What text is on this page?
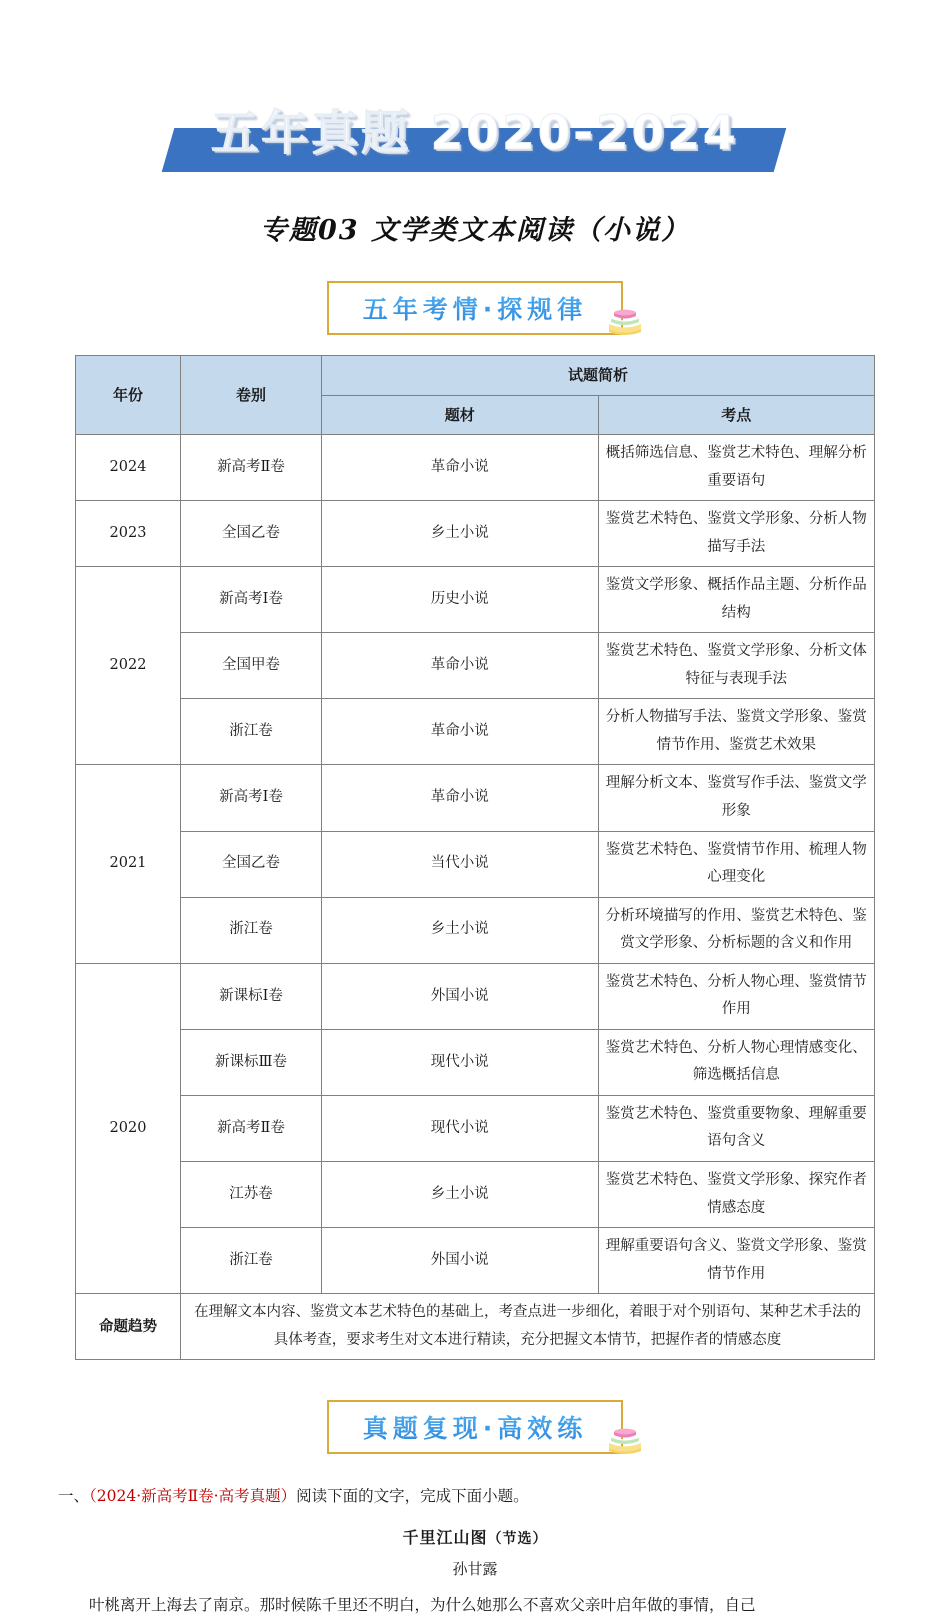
五年真题 2020-2024
专题03 文学类文本阅读（小说）
五年考情·探规律
年份	卷别	试题简析	
		题材	考点
2024	新高考Ⅱ卷	革命小说	概括筛选信息、鉴赏艺术特色、理解分析重要语句
2023	全国乙卷	乡土小说	鉴赏艺术特色、鉴赏文学形象、分析人物描写手法
2022	新高考Ⅰ卷	历史小说	鉴赏文学形象、概括作品主题、分析作品结构
	全国甲卷	革命小说	鉴赏艺术特色、鉴赏文学形象、分析文体特征与表现手法
	浙江卷	革命小说	分析人物描写手法、鉴赏文学形象、鉴赏情节作用、鉴赏艺术效果
2021	新高考Ⅰ卷	革命小说	理解分析文本、鉴赏写作手法、鉴赏文学形象
	全国乙卷	当代小说	鉴赏艺术特色、鉴赏情节作用、梳理人物心理变化
	浙江卷	乡土小说	分析环境描写的作用、鉴赏艺术特色、鉴赏文学形象、分析标题的含义和作用
2020	新课标Ⅰ卷	外国小说	鉴赏艺术特色、分析人物心理、鉴赏情节作用
	新课标Ⅲ卷	现代小说	鉴赏艺术特色、分析人物心理情感变化、筛选概括信息
	新高考Ⅱ卷	现代小说	鉴赏艺术特色、鉴赏重要物象、理解重要语句含义
	江苏卷	乡土小说	鉴赏艺术特色、鉴赏文学形象、探究作者情感态度
	浙江卷	外国小说	理解重要语句含义、鉴赏文学形象、鉴赏情节作用
命题趋势	在理解文本内容、鉴赏文本艺术特色的基础上，考查点进一步细化，着眼于对个别语句、某种艺术手法的具体考查，要求考生对文本进行精读，充分把握文本情节，把握作者的情感态度		
真题复现·高效练
一、（2024·新高考Ⅱ卷·高考真题）阅读下面的文字，完成下面小题。
千里江山图（节选）
孙甘露
叶桃离开上海去了南京。那时候陈千里还不明白，为什么她那么不喜欢父亲叶启年做的事情，自己
